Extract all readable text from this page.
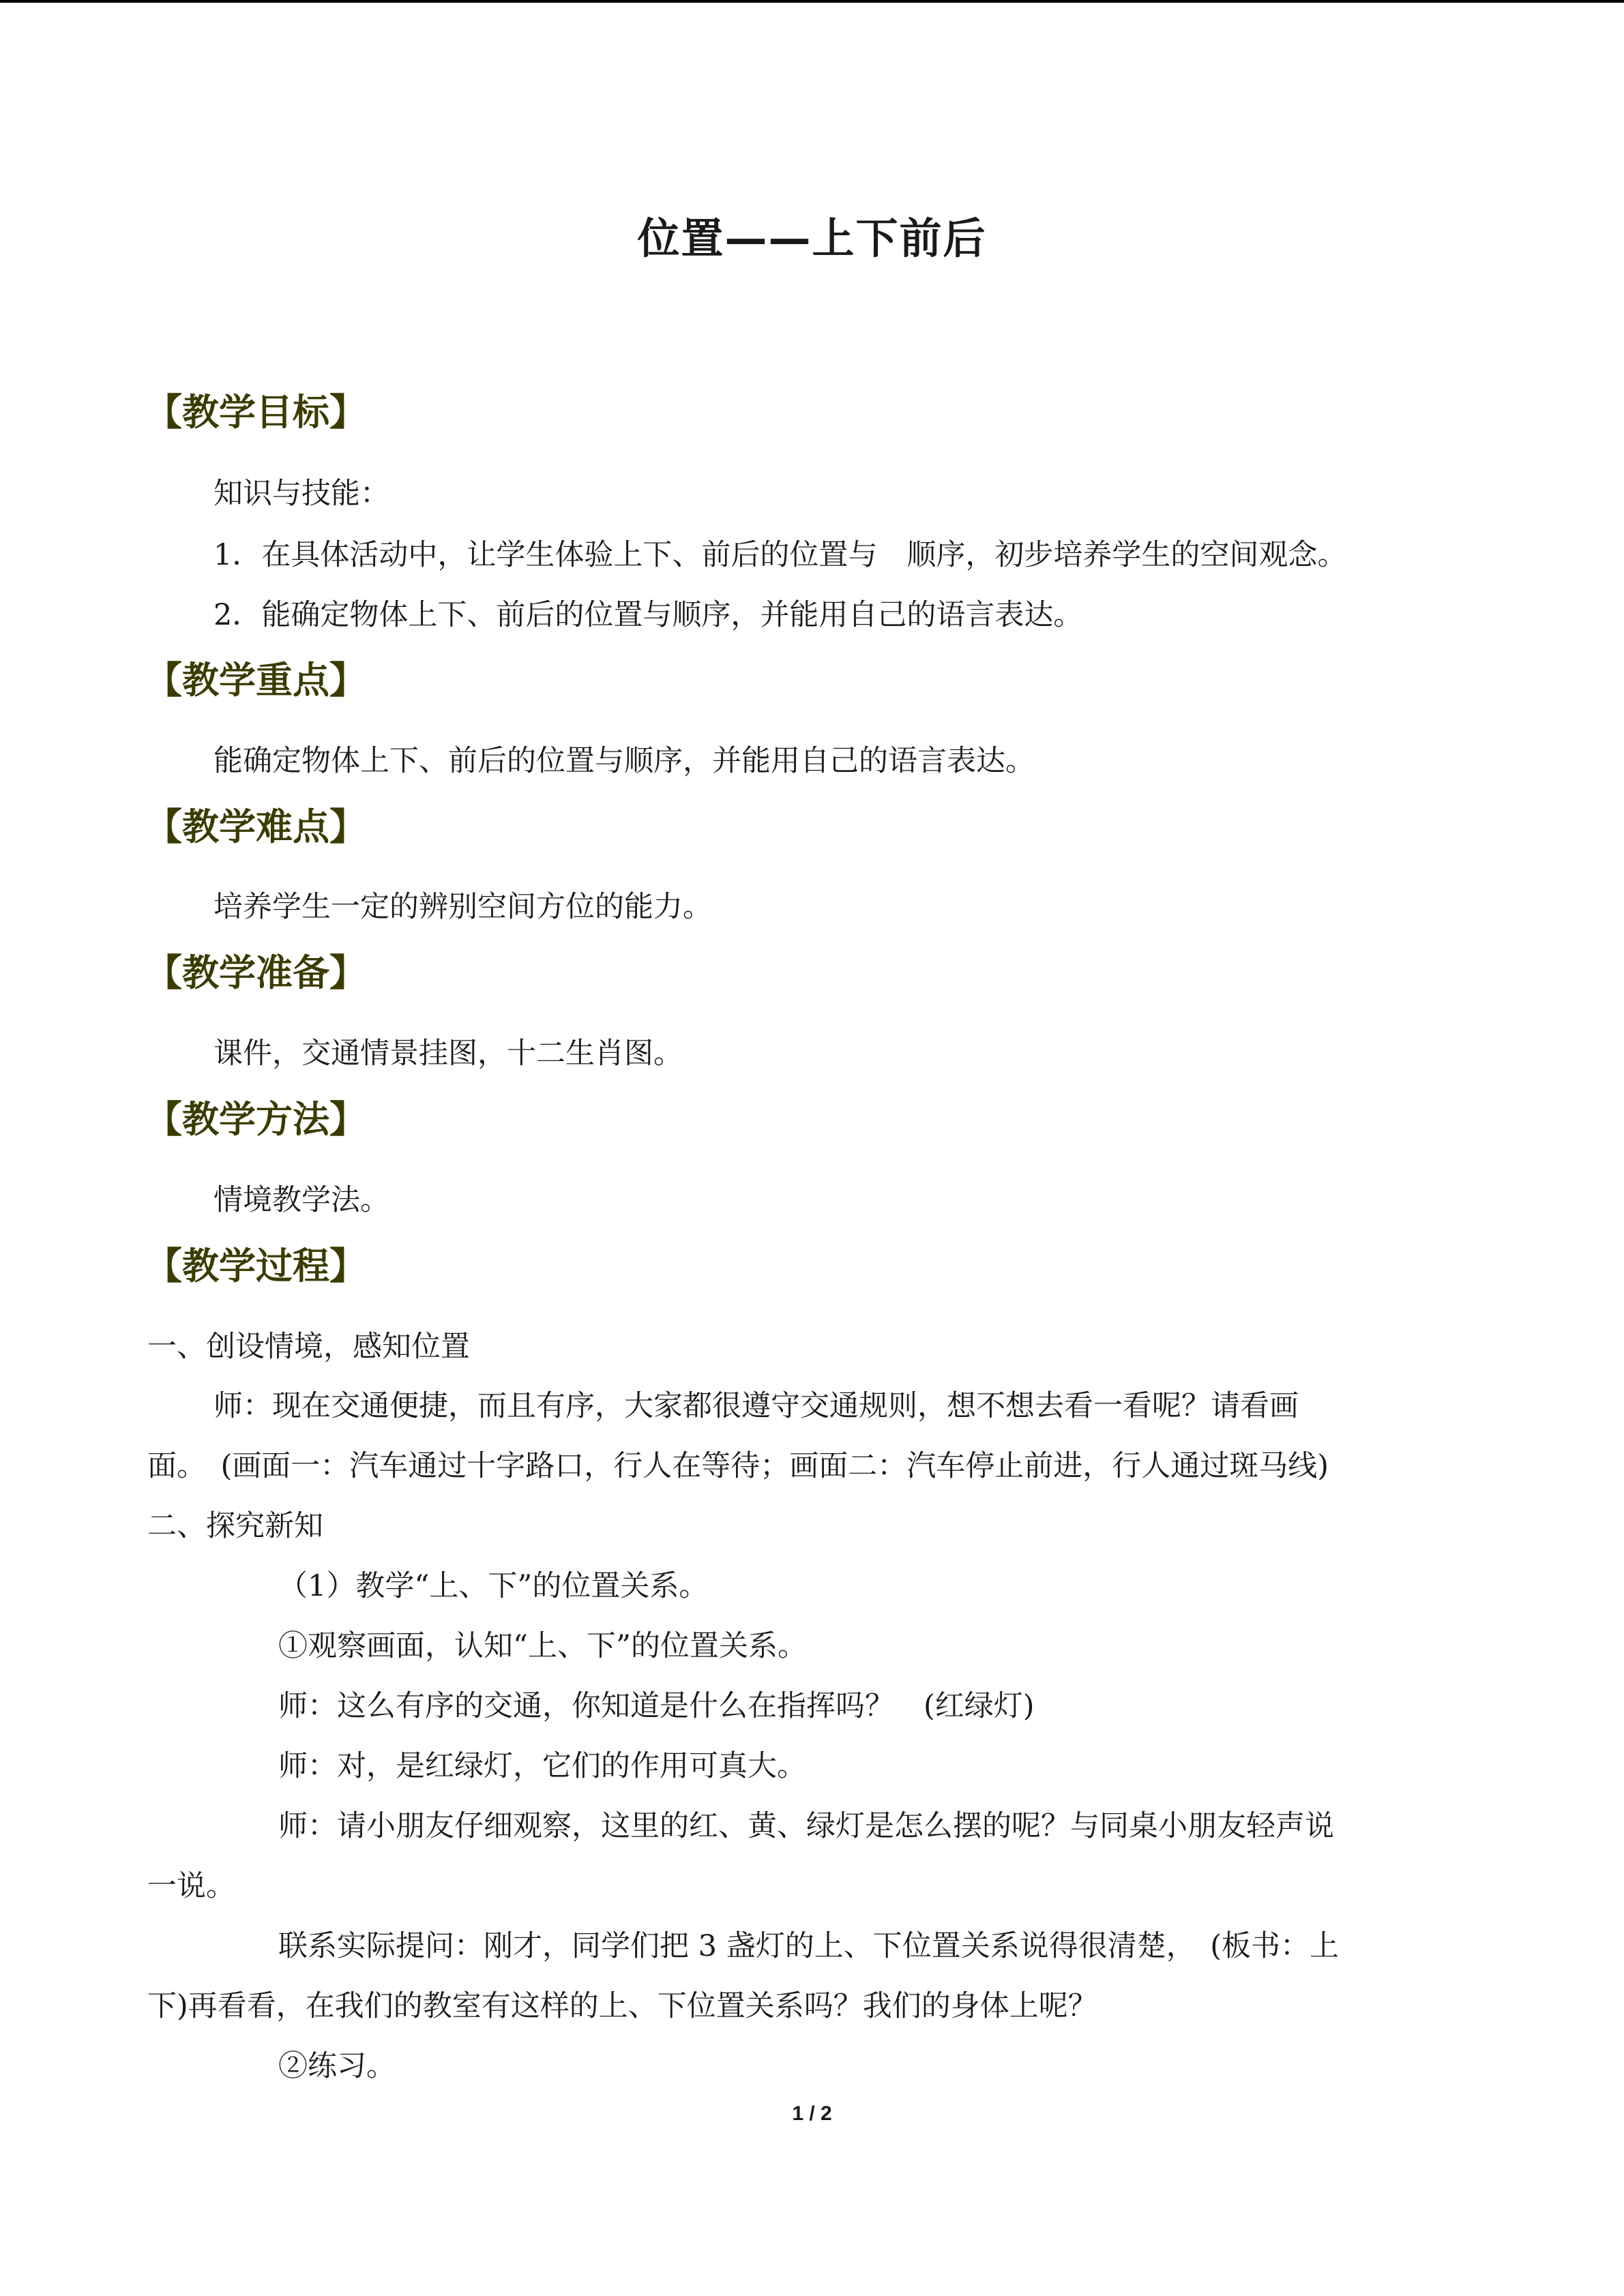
位置——上下前后
【教学目标】
知识与技能：
1．在具体活动中，让学生体验上下、前后的位置与　顺序，初步培养学生的空间观念。
2．能确定物体上下、前后的位置与顺序，并能用自己的语言表达。
【教学重点】
能确定物体上下、前后的位置与顺序，并能用自己的语言表达。
【教学难点】
培养学生一定的辨别空间方位的能力。
【教学准备】
课件，交通情景挂图，十二生肖图。
【教学方法】
情境教学法。
【教学过程】
一、创设情境，感知位置
师：现在交通便捷，而且有序，大家都很遵守交通规则，想不想去看一看呢？请看画
面。　(画面一：汽车通过十字路口，行人在等待；画面二：汽车停止前进，行人通过斑马线)
二、探究新知
（1）教学“上、下”的位置关系。
①观察画面，认知“上、下”的位置关系。
师：这么有序的交通，你知道是什么在指挥吗？　(红绿灯)
师：对，是红绿灯，它们的作用可真大。
师：请小朋友仔细观察，这里的红、黄、绿灯是怎么摆的呢？与同桌小朋友轻声说
一说。
联系实际提问：刚才，同学们把 3 盏灯的上、下位置关系说得很清楚，　(板书：上
下)再看看，在我们的教室有这样的上、下位置关系吗？我们的身体上呢？
②练习。
1 / 2
